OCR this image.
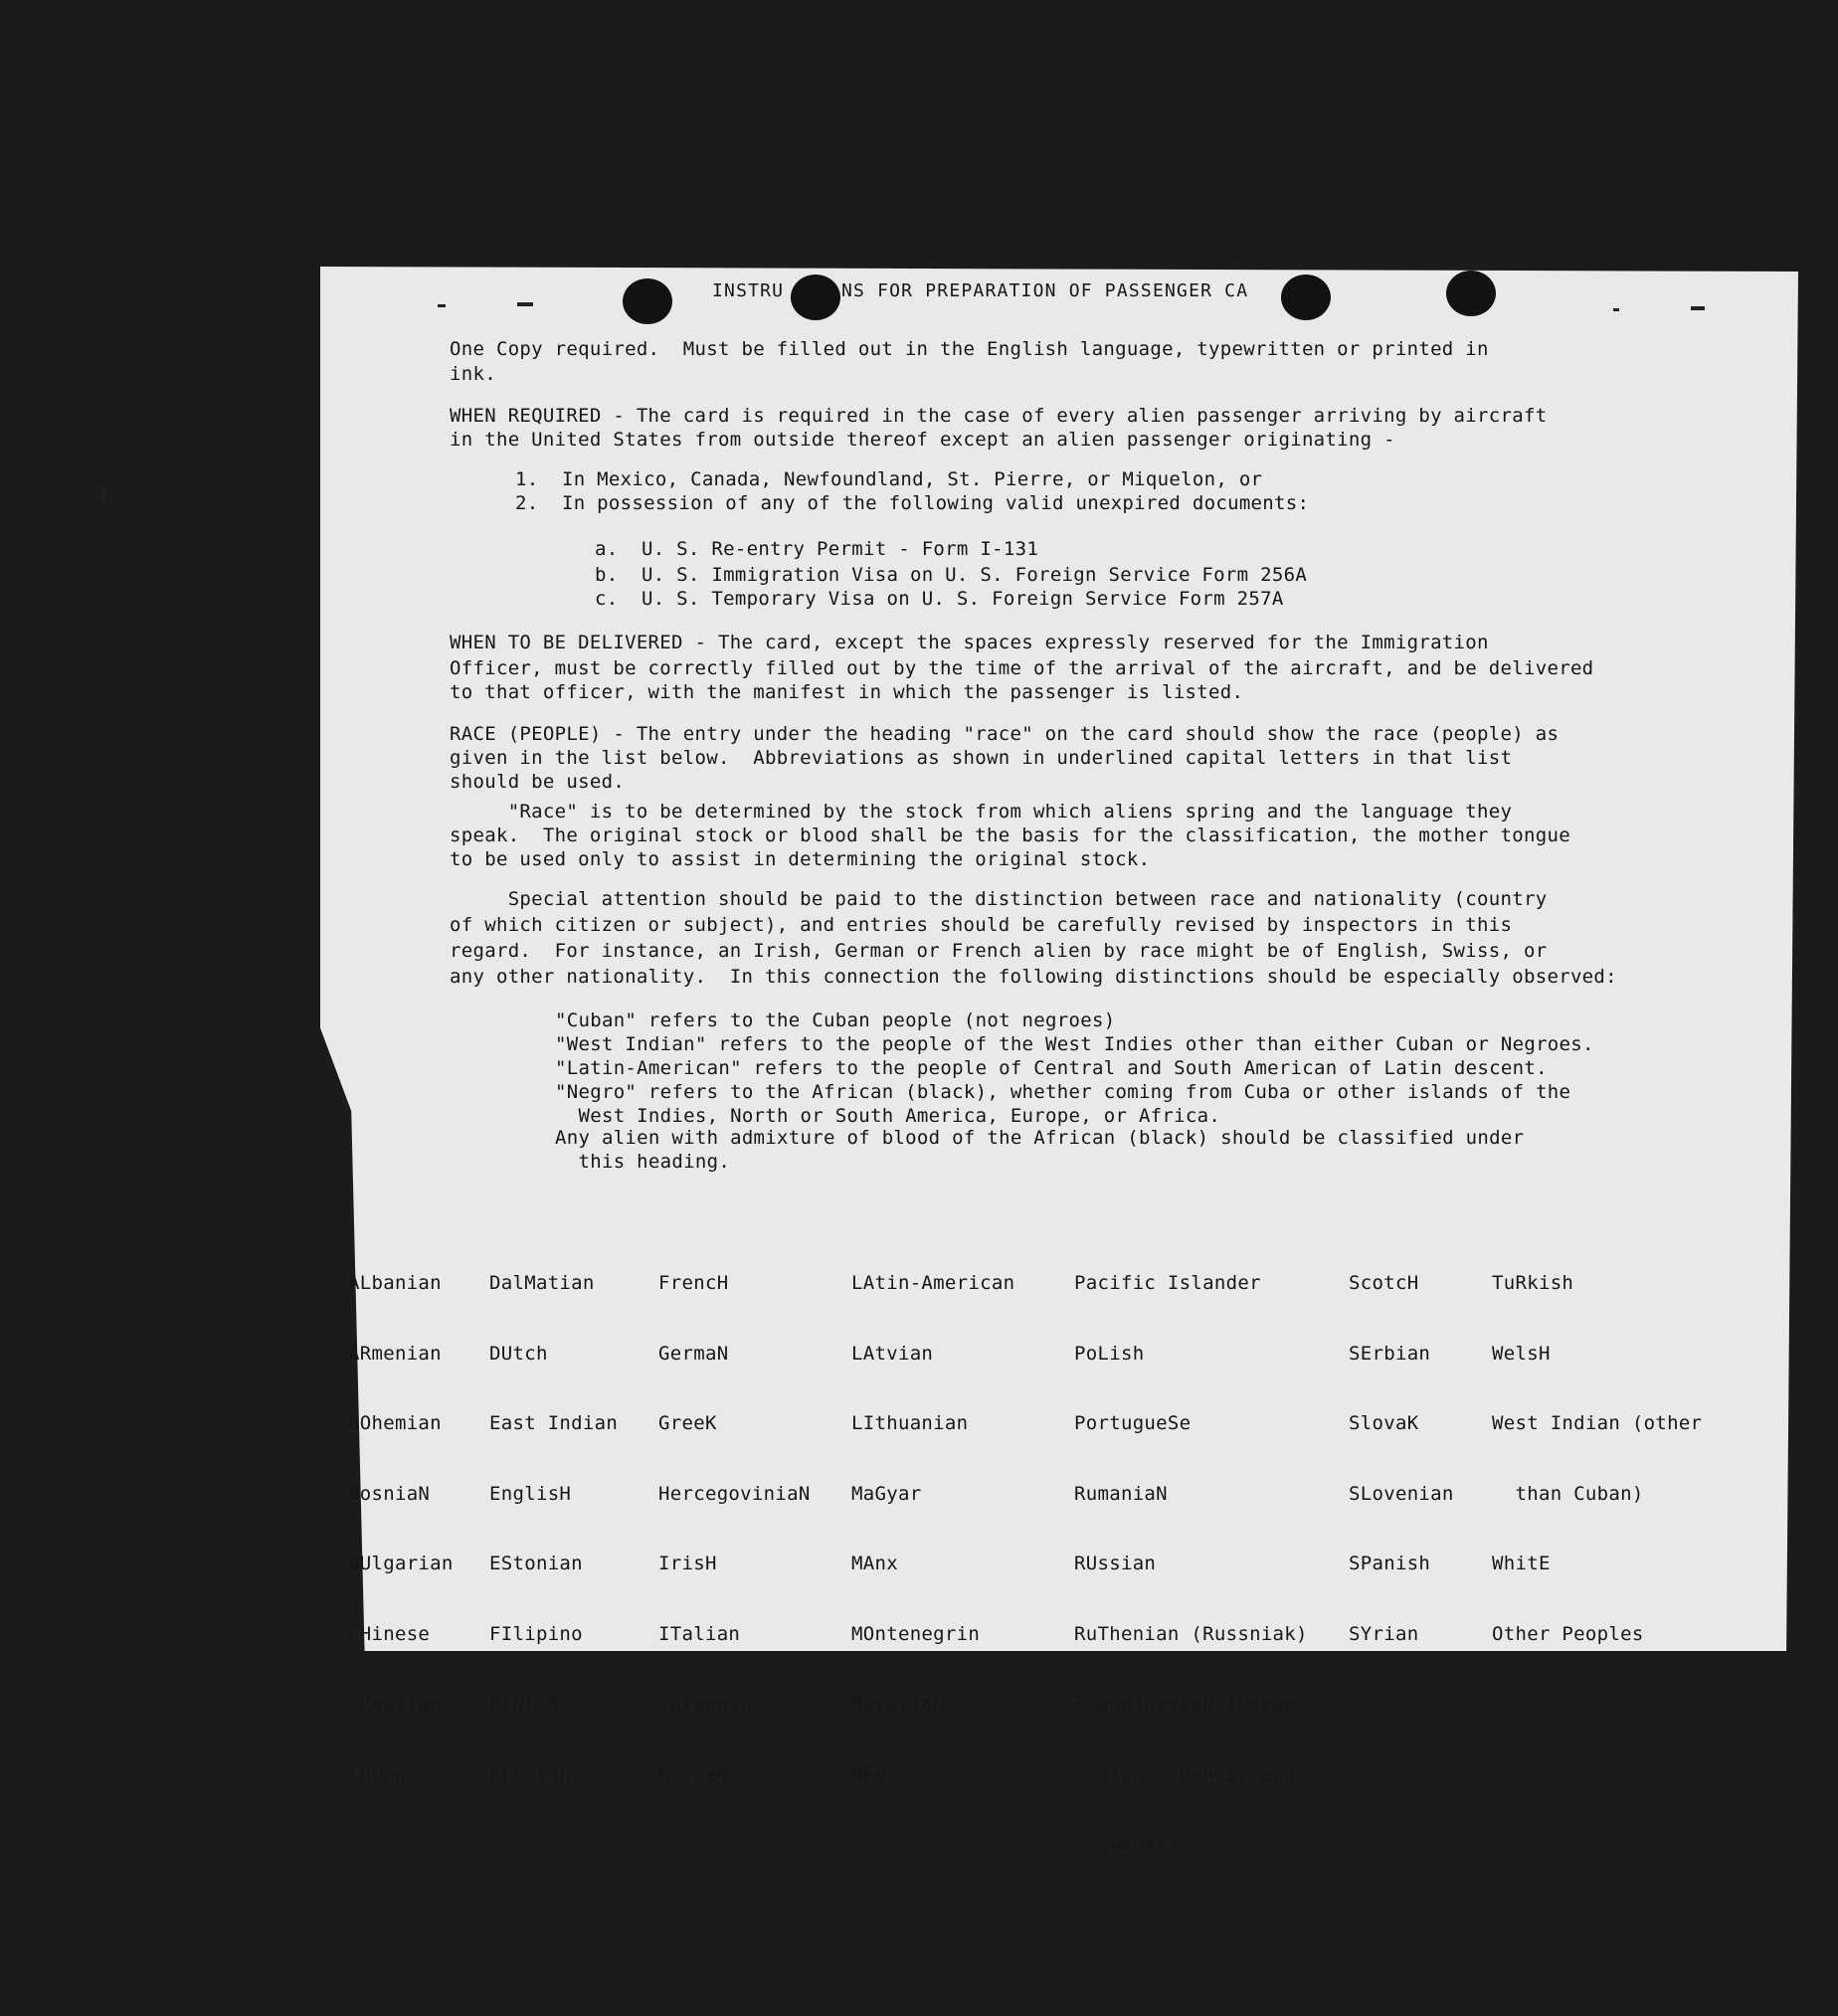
INSTRU	NS FOR PREPARATION OF PASSENGER CA
One Copy required.  Must be filled out in the English language, typewritten or printed in
ink.
WHEN REQUIRED - The card is required in the case of every alien passenger arriving by aircraft
in the United States from outside thereof except an alien passenger originating -
1.  In Mexico, Canada, Newfoundland, St. Pierre, or Miquelon, or
2.  In possession of any of the following valid unexpired documents:
a.  U. S. Re-entry Permit - Form I-131
b.  U. S. Immigration Visa on U. S. Foreign Service Form 256A
c.  U. S. Temporary Visa on U. S. Foreign Service Form 257A
WHEN TO BE DELIVERED - The card, except the spaces expressly reserved for the Immigration
Officer, must be correctly filled out by the time of the arrival of the aircraft, and be delivered
to that officer, with the manifest in which the passenger is listed.
RACE (PEOPLE) - The entry under the heading "race" on the card should show the race (people) as
given in the list below.  Abbreviations as shown in underlined capital letters in that list
should be used.
"Race" is to be determined by the stock from which aliens spring and the language they
speak.  The original stock or blood shall be the basis for the classification, the mother tongue
to be used only to assist in determining the original stock.
Special attention should be paid to the distinction between race and nationality (country
of which citizen or subject), and entries should be carefully revised by inspectors in this
regard.  For instance, an Irish, German or French alien by race might be of English, Swiss, or
any other nationality.  In this connection the following distinctions should be especially observed:
"Cuban" refers to the Cuban people (not negroes)
"West Indian" refers to the people of the West Indies other than either Cuban or Negroes.
"Latin-American" refers to the people of Central and South American of Latin descent.
"Negro" refers to the African (black), whether coming from Cuba or other islands of the
West Indies, North or South America, Europe, or Africa.
Any alien with admixture of blood of the African (black) should be classified under
this heading.

ALbanian

ARmenian

BOhemian

BosniaN

BUlgarian

CHinese

CRoatian

CUban

DalMatian

DUtch

East Indian

EnglisH

EStonian

FIlipino

FINish

FLemish

FrencH

GermaN

GreeK

HercegoviniaN

IrisH

ITalian

JaPanese

KoreaN

LAtin-American

LAtvian

LIthuanian

MaGyar

MAnx

MOntenegrin

MoraviaN

NEgro

Pacific Islander

PoLish

PortugueSe

RumaniaN

RUssian

RuThenian (Russniak)

ScandinaviaN (Norwe-

gians, Danes, and

Swedes)

ScotcH

SErbian

SlovaK

SLovenian

SPanish

SYrian

TuRkish

WelsH

West Indian (other

than Cuban)

WhitE

Other Peoples
